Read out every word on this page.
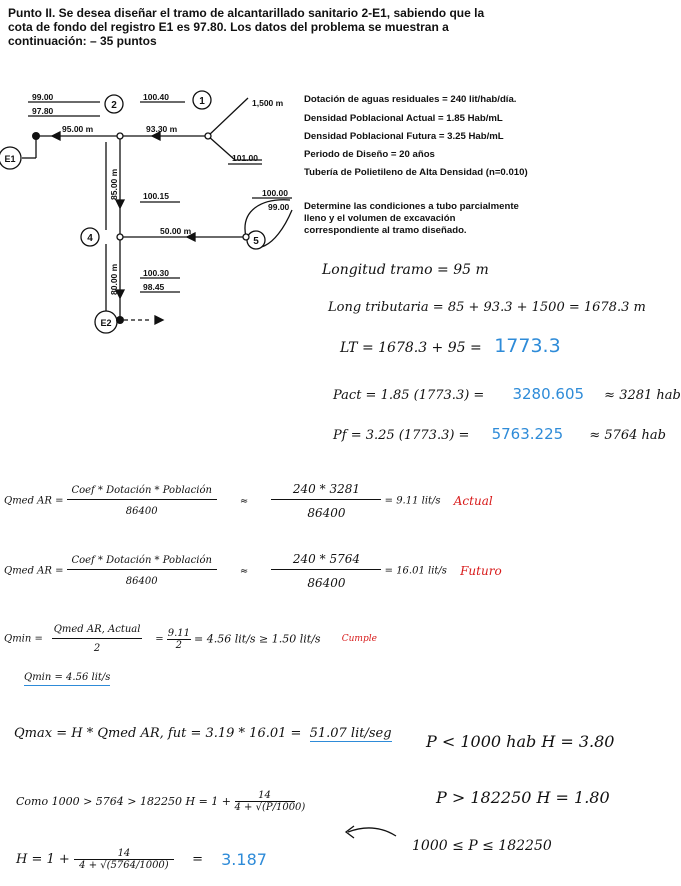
Punto II. Se desea diseñar el tramo de alcantarillado sanitario 2-E1, sabiendo que la cota de fondo del registro E1 es 97.80. Los datos del problema se muestran a continuación: – 35 puntos
2	1
4	5
E1
E2
99.00
97.80
100.40
1,500 m
95.00 m	93.30 m
101.00
100.15	100.00
99.00
50.00 m
100.30
98.45
85.00 m
80.00 m
Dotación de aguas residuales = 240 lit/hab/día.
Densidad Poblacional Actual = 1.85 Hab/mL
Densidad Poblacional Futura = 3.25 Hab/mL
Periodo de Diseño = 20 años
Tubería de Polietileno de Alta Densidad (n=0.010)
Determine las condiciones a tubo parcialmente lleno y el volumen de excavación correspondiente al tramo diseñado.
Longitud tramo = 95 m
Long tributaria = 85 + 93.3 + 1500 = 1678.3 m
LT = 1678.3 + 95 = 1773.3
Pact = 1.85 (1773.3) = 3280.605 ≈ 3281 hab
Pf = 3.25 (1773.3) = 5763.225 ≈ 5764 hab
Qmed AR = $\frac{\text{Coef * Dotación * Población}}{86400} \approx \frac{240 * 3281}{86400} = 9.11$ lit/s Actual
Qmed AR = $\frac{\text{Coef * Dotación * Población}}{86400} \approx \frac{240 * 5764}{86400} = 16.01$ lit/s Futuro
$Qmin = \frac{\text{Qmed AR, Actual}}{2} = \frac{9.11}{2} = 4.56$ lit/s ≥ 1.50 lit/s Cumple
Qmin = 4.56 lit/s
Qmax = H * Qmed AR, fut = 3.19 * 16.01 = 51.07 lit/seg P < 1000 hab H = 3.80
P > 182250 H = 1.80
1000 ≤ P ≤ 182250
Como 1000 > 5764 > 182250 $H = 1 + \frac{14}{4 + √(P/1000)}$
$H = 1 + \frac{14}{4 + √(5764/1000)} = 3.187$
